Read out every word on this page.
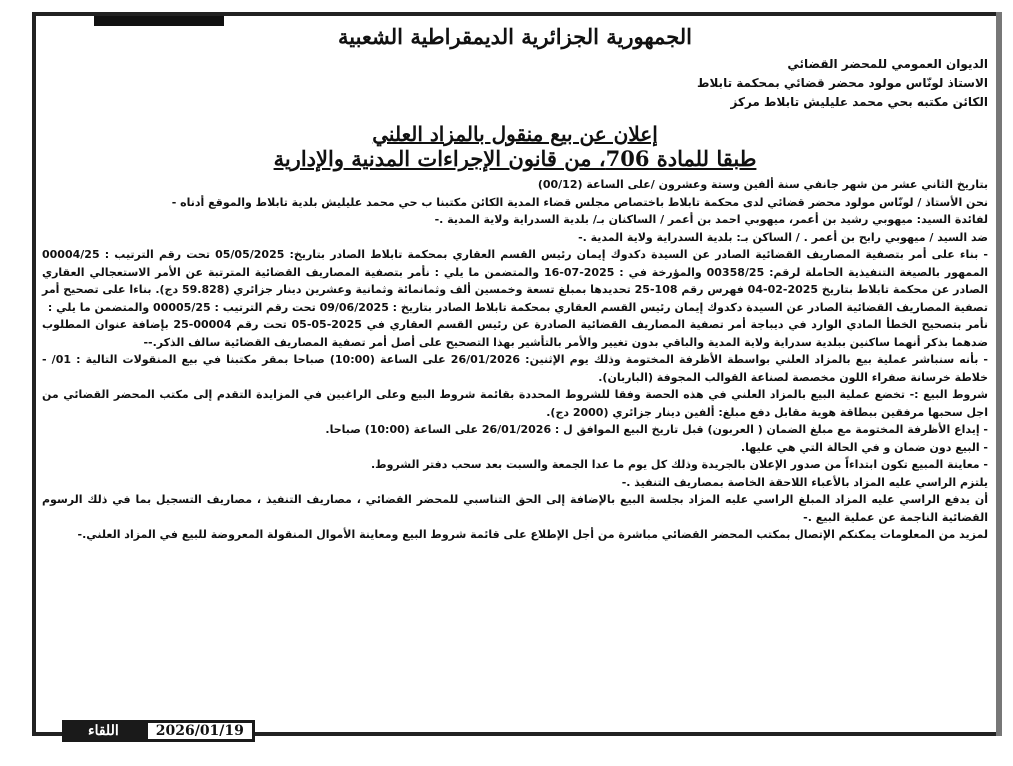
الجمهورية الجزائرية الديمقراطية الشعبية
الديوان العمومي للمحضر القضائي
الاستاذ لونّاس مولود محضر قضائي بمحكمة تابلاط
الكائن مكتبه بحي محمد عليليش تابلاط مركز
إعلان عن بيع منقول بالمزاد العلني
طبقا للمادة 706، من قانون الإجراءات المدنية والإدارية

بتاريخ الثاني عشر من شهر جانفي سنة ألفين وستة وعشرون /على الساعة (00/12)

نحن الأستاذ / لونّاس مولود محضر قضائي لدى محكمة تابلاط باختصاص مجلس قضاء المدية الكائن مكتبنا ب حي محمد عليليش بلدية تابلاط والموقع أدناه -

لفائدة السيد: ميهوبي رشيد بن أعمر، ميهوبي احمد بن أعمر / الساكنان بـ/ بلدية السدراية ولاية المدية .-

ضد السيد / ميهوبي رابح بن أعمر . / الساكن بـ: بلدية السدراية ولاية المدية .-

- بناء على أمر بتصفية المصاريف القضائية الصادر عن السيدة دكدوك إيمان رئيس القسم العقاري بمحكمة تابلاط الصادر بتاريخ: 05/05/2025 تحت رقم الترتيب : 00004/25 الممهور بالصيغة التنفيذية الحاملة لرقم: 00358/25 والمؤرخة في : 2025-07-16 والمتضمن ما يلي : نأمر بتصفية المصاريف القضائية المترتبة عن الأمر الاستعجالي العقاري الصادر عن محكمة تابلاط بتاريخ 2025-02-04 فهرس رقم 108-25 تحديدها بمبلغ تسعة وخمسين ألف وثمانمائة وثمانية وعشرين دينار جزائري (59.828 دج). بناءا على تصحيح أمر تصفية المصاريف القضائية الصادر عن السيدة دكدوك إيمان رئيس القسم العقاري بمحكمة تابلاط الصادر بتاريخ : 09/06/2025 تحت رقم الترتيب : 00005/25 والمتضمن ما يلي :

نأمر بتصحيح الخطأ المادي الوارد في ديباجة أمر تصفية المصاريف القضائية الصادرة عن رئيس القسم العقاري في 2025-05-05 تحت رقم 00004-25 بإضافة عنوان المطلوب ضدهما بذكر أنهما ساكنين ببلدية سدراية ولاية المدية والباقي بدون تغيير والأمر بالتأشير بهذا التصحيح على أصل أمر تصفية المصاريف القضائية سالف الذكر.--

- بأنه سنباشر عملية بيع بالمزاد العلني بواسطة الأظرفة المختومة وذلك يوم الإثنين: 26/01/2026 على الساعة (10:00) صباحا بمقر مكتبنا في بيع المنقولات التالية : 01/ - خلاطة خرسانة صفراء اللون مخصصة لصناعة القوالب المجوفة (الباربان).

شروط البيع :- تخضع عملية البيع بالمزاد العلني في هذه الحصة وفقا للشروط المحددة بقائمة شروط البيع وعلى الراغبين في المزايدة التقدم إلى مكتب المحضر القضائي من اجل سحبها مرفقين ببطاقة هوية مقابل دفع مبلغ: ألفين دينار جزائري (2000 دج).

- إيداع الأظرفة المختومة مع مبلغ الضمان ( العربون) قبل تاريخ البيع الموافق ل : 26/01/2026 على الساعة (10:00) صباحا.

- البيع دون ضمان و في الحالة التي هي عليها.

- معاينة المبيع تكون ابتداءاً من صدور الإعلان بالجريدة وذلك كل يوم ما عدا الجمعة والسبت بعد سحب دفتر الشروط.

يلتزم الراسي عليه المزاد بالأعباء اللاحقة الخاصة بمصاريف التنفيذ .-

أن يدفع الراسي عليه المزاد المبلغ الراسي عليه المزاد بجلسة البيع بالإضافة إلى الحق التناسبي للمحضر القضائي ، مصاريف التنفيذ ، مصاريف التسجيل بما في ذلك الرسوم القضائية الناجمة عن عملية البيع .-

لمزيد من المعلومات يمكنكم الإتصال بمكتب المحضر القضائي مباشرة من أجل الإطلاع على قائمة شروط البيع ومعاينة الأموال المنقولة المعروضة للبيع في المزاد العلني.-

اللقاء	2026/01/19
